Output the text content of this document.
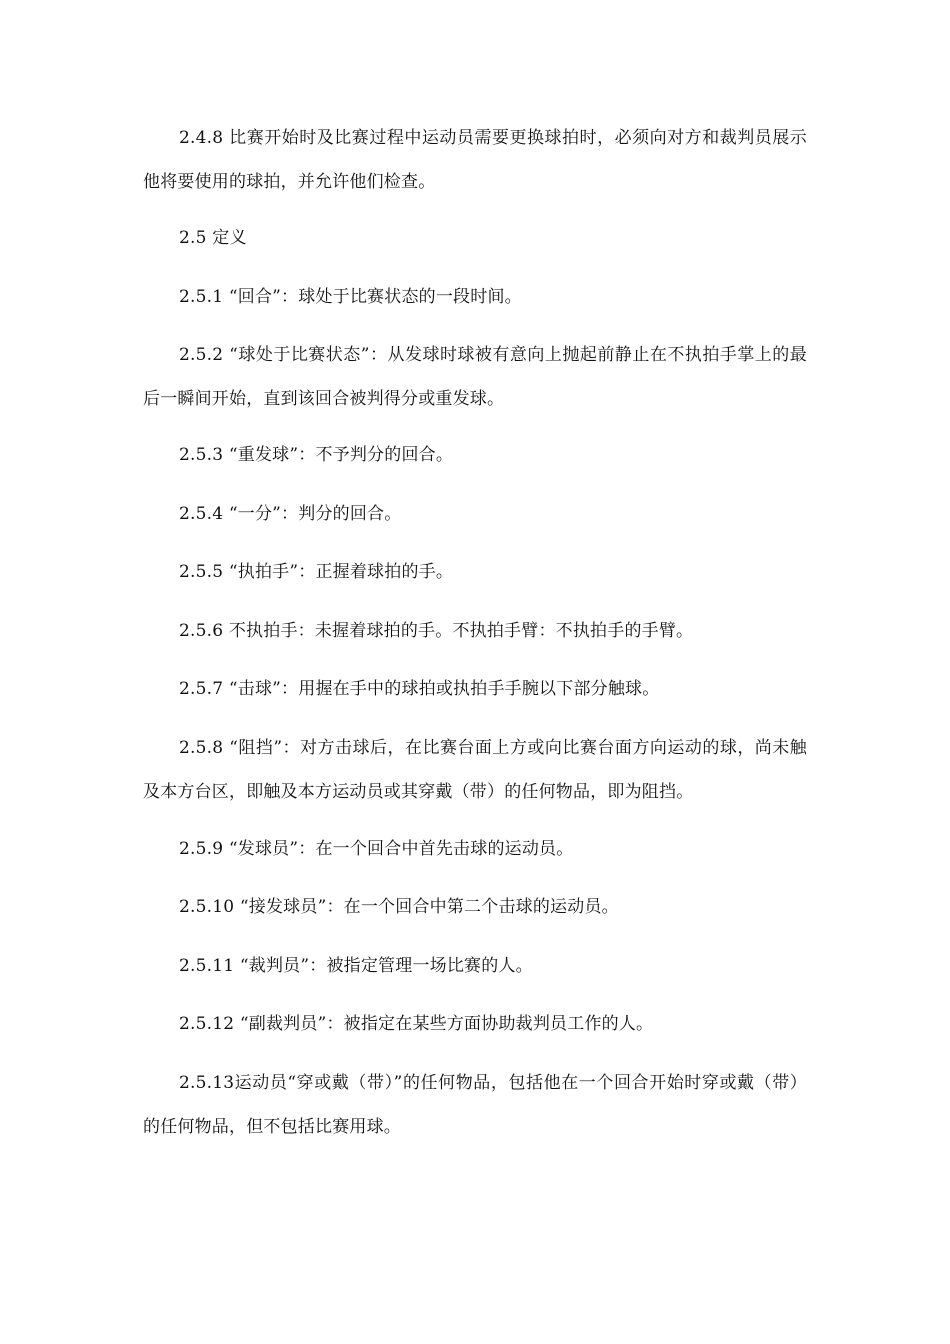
2.4.8 比赛开始时及比赛过程中运动员需要更换球拍时，必须向对方和裁判员展示他将要使用的球拍，并允许他们检查。

2.5 定义

2.5.1 “回合”：球处于比赛状态的一段时间。

2.5.2 “球处于比赛状态”：从发球时球被有意向上抛起前静止在不执拍手掌上的最后一瞬间开始，直到该回合被判得分或重发球。

2.5.3 “重发球”：不予判分的回合。

2.5.4 “一分”：判分的回合。

2.5.5 “执拍手”：正握着球拍的手。

2.5.6 不执拍手：未握着球拍的手。不执拍手臂：不执拍手的手臂。

2.5.7 “击球”：用握在手中的球拍或执拍手手腕以下部分触球。

2.5.8 “阻挡”：对方击球后，在比赛台面上方或向比赛台面方向运动的球，尚未触及本方台区，即触及本方运动员或其穿戴（带）的任何物品，即为阻挡。

2.5.9 “发球员”：在一个回合中首先击球的运动员。

2.5.10 “接发球员”：在一个回合中第二个击球的运动员。

2.5.11 “裁判员”：被指定管理一场比赛的人。

2.5.12 “副裁判员”：被指定在某些方面协助裁判员工作的人。

2.5.13运动员“穿或戴（带）”的任何物品，包括他在一个回合开始时穿或戴（带）的任何物品，但不包括比赛用球。
